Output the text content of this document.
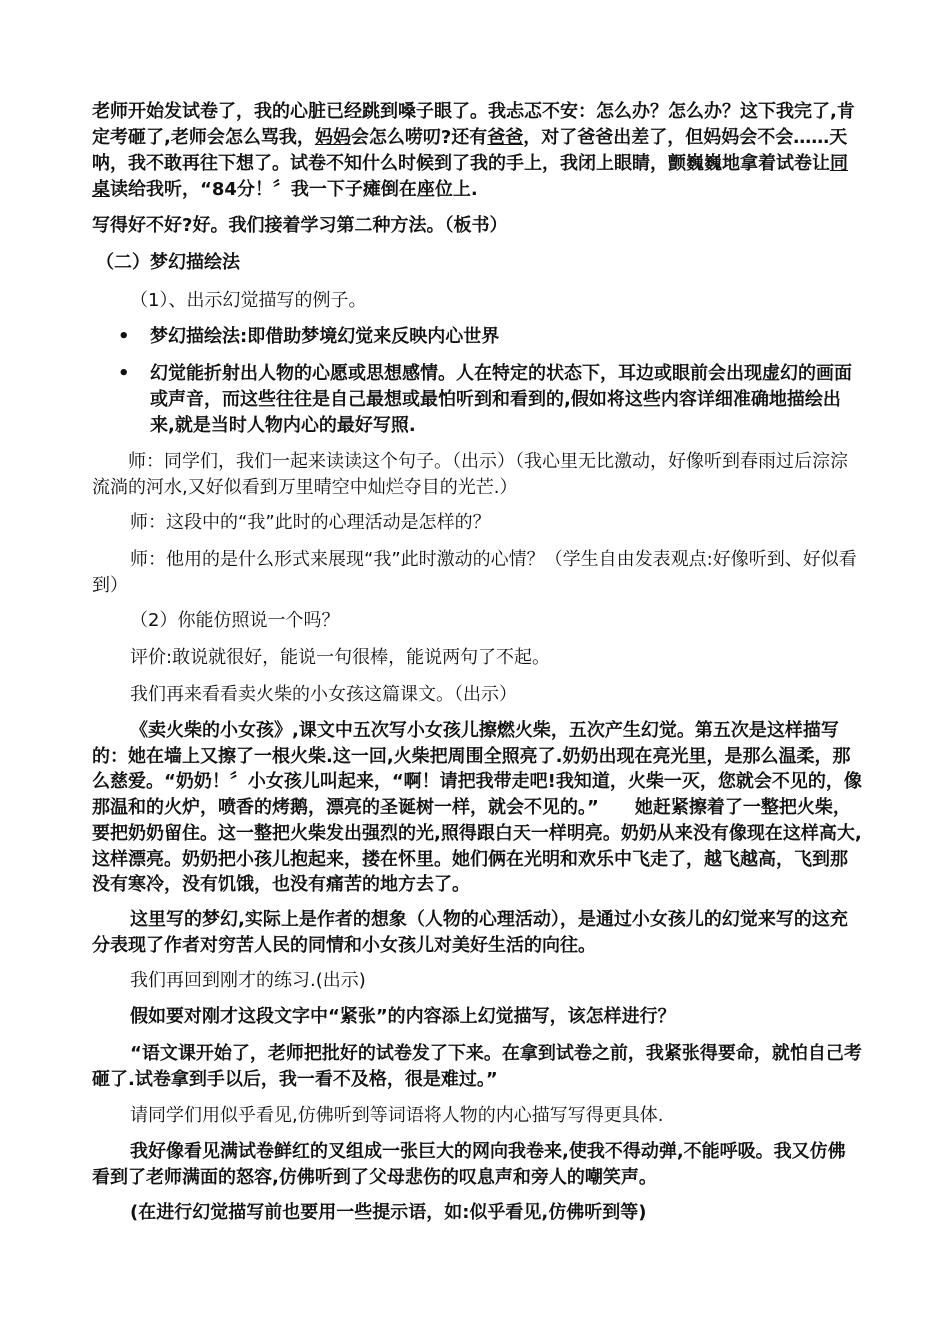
老师开始发试卷了，我的心脏已经跳到嗓子眼了。我忐忑不安：怎么办？怎么办？这下我完了,肯定考砸了,老师会怎么骂我，妈妈会怎么唠叨?还有爸爸，对了爸爸出差了，但妈妈会不会……天呐，我不敢再往下想了。试卷不知什么时候到了我的手上，我闭上眼睛，颤巍巍地拿着试卷让同桌读给我听，“84分！〞我一下子瘫倒在座位上.

写得好不好?好。我们接着学习第二种方法。（板书）

（二）梦幻描绘法

（1）、出示幻觉描写的例子。

• 梦幻描绘法:即借助梦境幻觉来反映内心世界

• 幻觉能折射出人物的心愿或思想感情。人在特定的状态下，耳边或眼前会出现虚幻的画面或声音，而这些往往是自己最想或最怕听到和看到的,假如将这些内容详细准确地描绘出来,就是当时人物内心的最好写照.

师：同学们，我们一起来读读这个句子。（出示）（我心里无比激动，好像听到春雨过后淙淙流淌的河水,又好似看到万里晴空中灿烂夺目的光芒.）

师：这段中的“我”此时的心理活动是怎样的？

师：他用的是什么形式来展现“我”此时激动的心情？（学生自由发表观点:好像听到、好似看到）

（2）你能仿照说一个吗？

评价:敢说就很好，能说一句很棒，能说两句了不起。

我们再来看看卖火柴的小女孩这篇课文。（出示）

《卖火柴的小女孩》,课文中五次写小女孩儿擦燃火柴，五次产生幻觉。第五次是这样描写的：她在墙上又擦了一根火柴.这一回,火柴把周围全照亮了.奶奶出现在亮光里，是那么温柔，那么慈爱。“奶奶！〞小女孩儿叫起来，“啊！请把我带走吧!我知道，火柴一灭，您就会不见的，像那温和的火炉，喷香的烤鹅，漂亮的圣诞树一样，就会不见的。”　　她赶紧擦着了一整把火柴，要把奶奶留住。这一整把火柴发出强烈的光,照得跟白天一样明亮。奶奶从来没有像现在这样高大,这样漂亮。奶奶把小孩儿抱起来，搂在怀里。她们俩在光明和欢乐中飞走了，越飞越高，飞到那没有寒冷，没有饥饿，也没有痛苦的地方去了。

这里写的梦幻,实际上是作者的想象（人物的心理活动），是通过小女孩儿的幻觉来写的这充分表现了作者对穷苦人民的同情和小女孩儿对美好生活的向往。

我们再回到刚才的练习.(出示)

假如要对刚才这段文字中“紧张”的内容添上幻觉描写，该怎样进行？

“语文课开始了，老师把批好的试卷发了下来。在拿到试卷之前，我紧张得要命，就怕自己考砸了.试卷拿到手以后，我一看不及格，很是难过。”

请同学们用似乎看见,仿佛听到等词语将人物的内心描写写得更具体.

我好像看见满试卷鲜红的叉组成一张巨大的网向我卷来,使我不得动弹,不能呼吸。我又仿佛看到了老师满面的怒容,仿佛听到了父母悲伤的叹息声和旁人的嘲笑声。

(在进行幻觉描写前也要用一些提示语，如:似乎看见,仿佛听到等)
